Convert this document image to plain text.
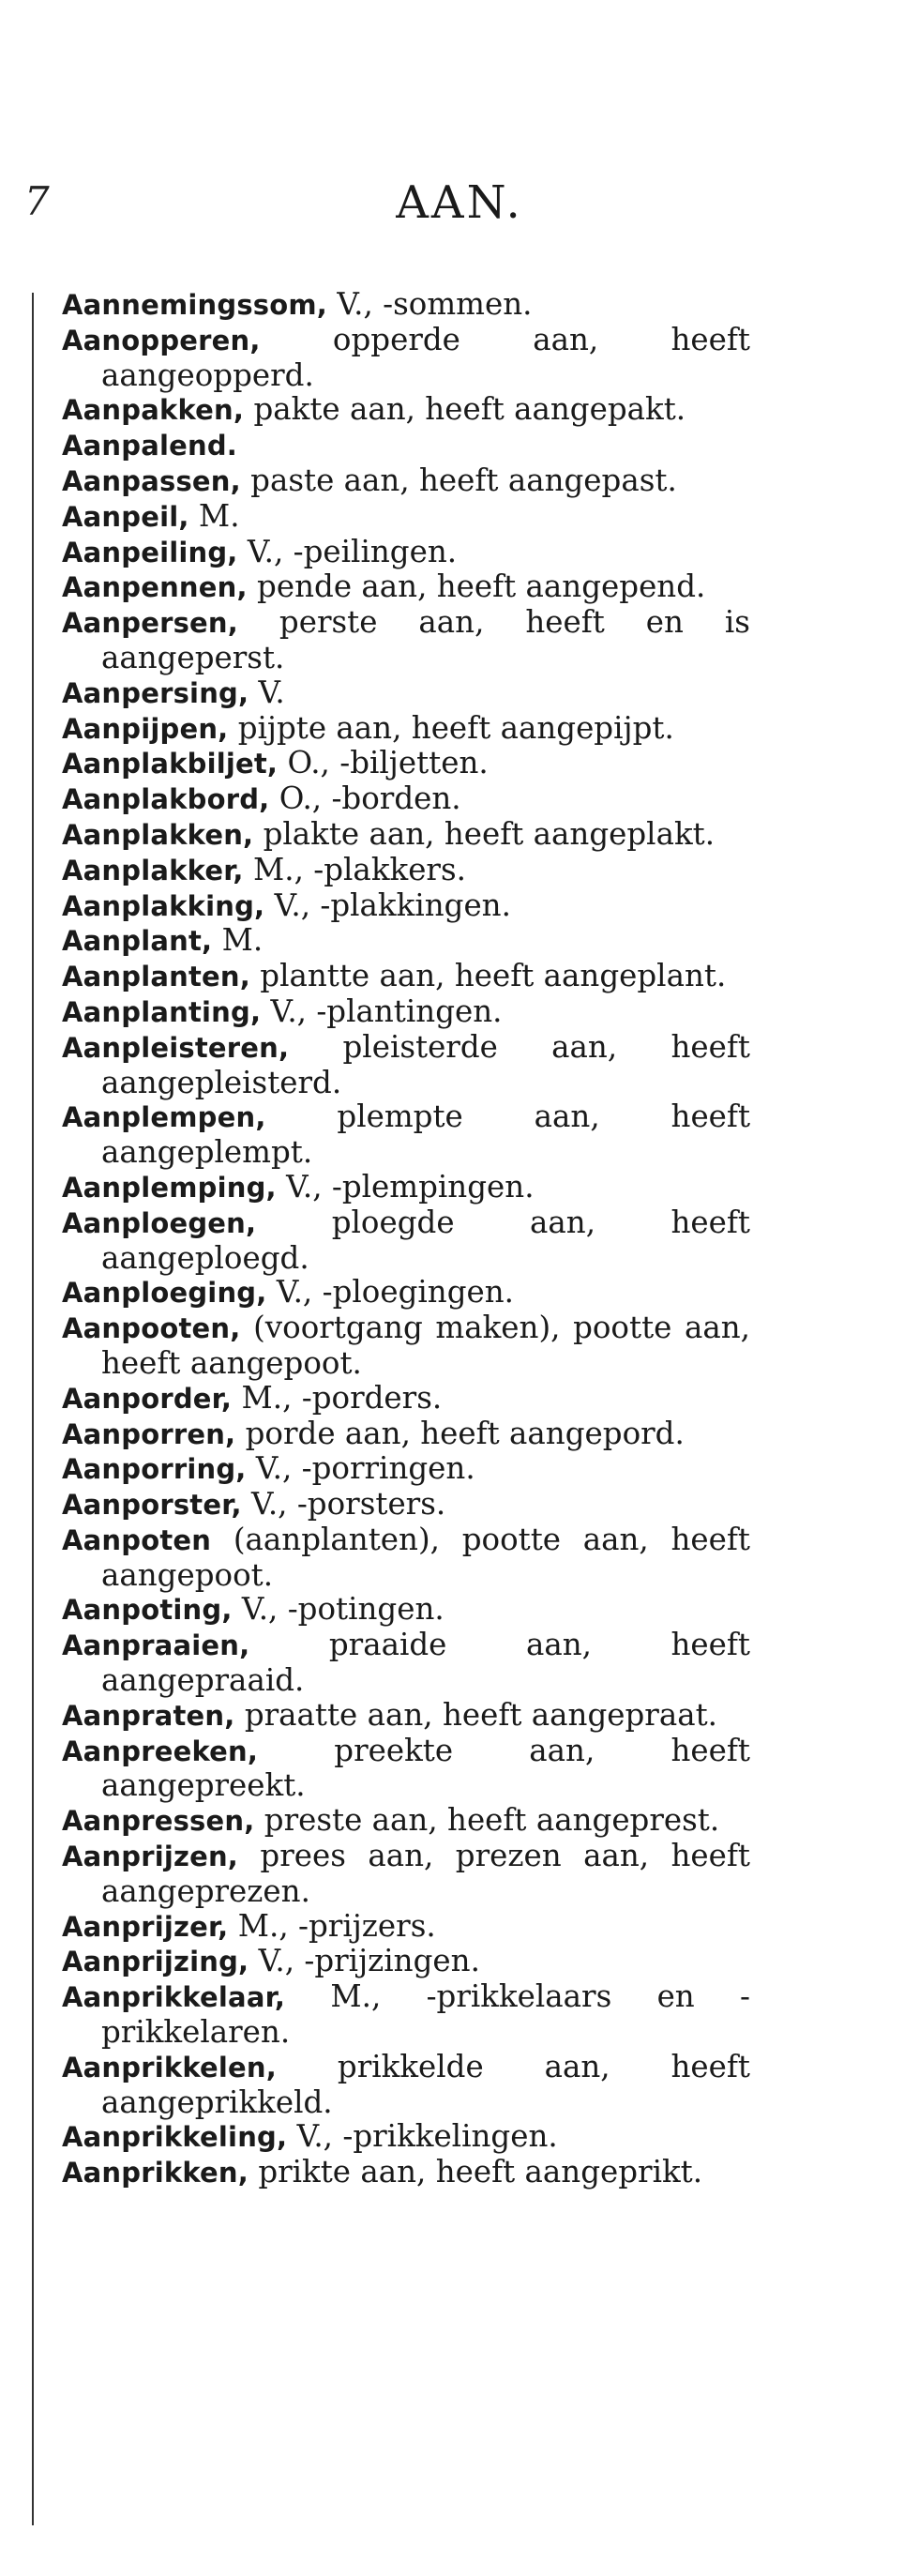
7	AAN.
Aannemingssom, V., -sommen.
Aanopperen, opperde aan, heeft aangeopperd.
Aanpakken, pakte aan, heeft aangepakt.
Aanpalend.
Aanpassen, paste aan, heeft aangepast.
Aanpeil, M.
Aanpeiling, V., -peilingen.
Aanpennen, pende aan, heeft aangepend.
Aanpersen, perste aan, heeft en is aangeperst.
Aanpersing, V.
Aanpijpen, pijpte aan, heeft aangepijpt.
Aanplakbiljet, O., -biljetten.
Aanplakbord, O., -borden.
Aanplakken, plakte aan, heeft aangeplakt.
Aanplakker, M., -plakkers.
Aanplakking, V., -plakkingen.
Aanplant, M.
Aanplanten, plantte aan, heeft aangeplant.
Aanplanting, V., -plantingen.
Aanpleisteren, pleisterde aan, heeft aangepleisterd.
Aanplempen, plempte aan, heeft aangeplempt.
Aanplemping, V., -plempingen.
Aanploegen, ploegde aan, heeft aangeploegd.
Aanploeging, V., -ploegingen.
Aanpooten, (voortgang maken), pootte aan, heeft aangepoot.
Aanporder, M., -porders.
Aanporren, porde aan, heeft aangepord.
Aanporring, V., -porringen.
Aanporster, V., -porsters.
Aanpoten (aanplanten), pootte aan, heeft aangepoot.
Aanpoting, V., -potingen.
Aanpraaien, praaide aan, heeft aangepraaid.
Aanpraten, praatte aan, heeft aangepraat.
Aanpreeken, preekte aan, heeft aangepreekt.
Aanpressen, preste aan, heeft aangeprest.
Aanprijzen, prees aan, prezen aan, heeft aangeprezen.
Aanprijzer, M., -prijzers.
Aanprijzing, V., -prijzingen.
Aanprikkelaar, M., -prikkelaars en -prikkelaren.
Aanprikkelen, prikkelde aan, heeft aangeprikkeld.
Aanprikkeling, V., -prikkelingen.
Aanprikken, prikte aan, heeft aangeprikt.
